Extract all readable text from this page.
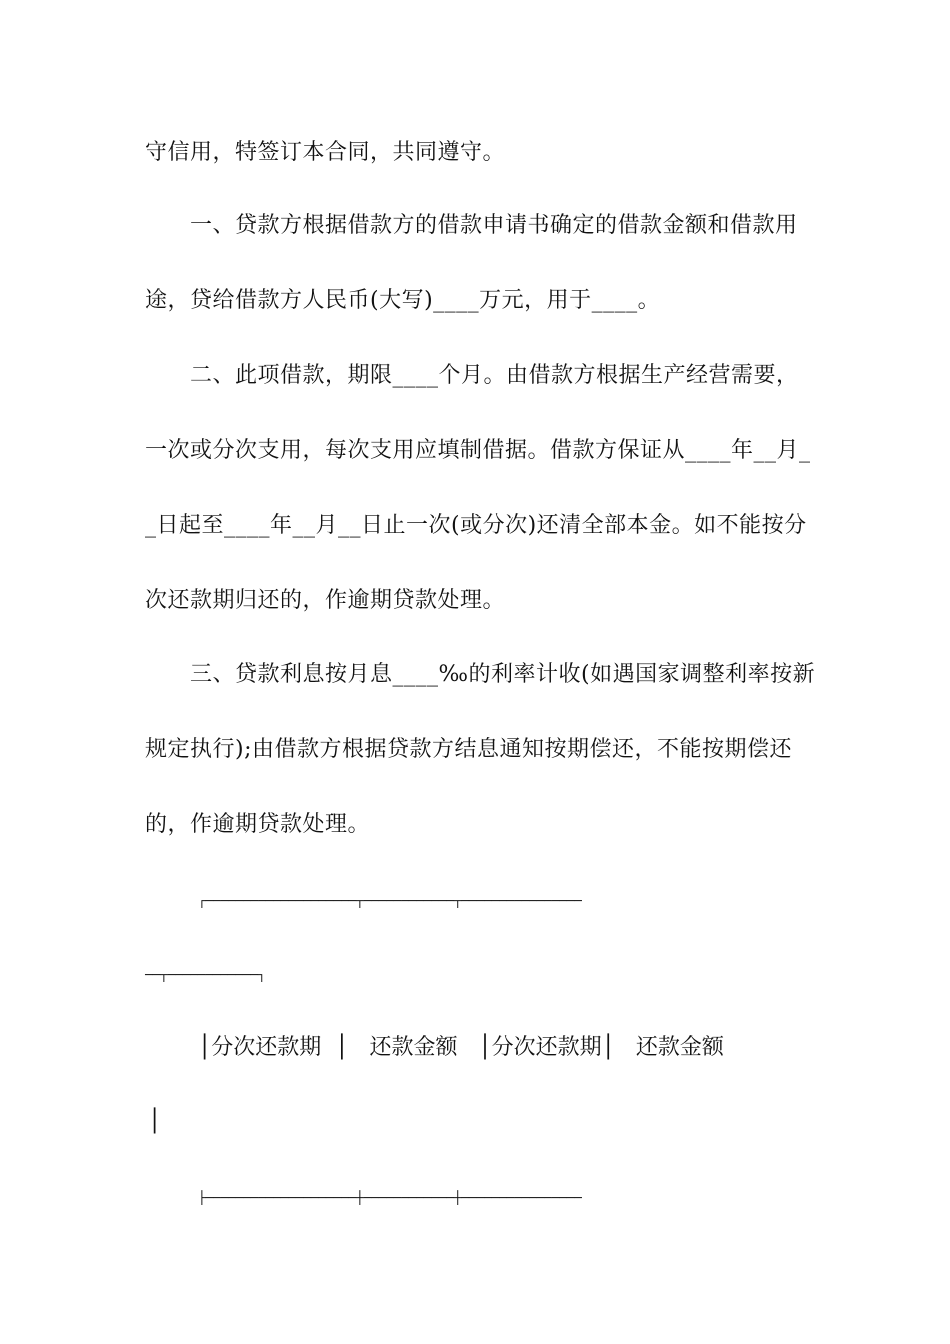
守信用，特签订本合同，共同遵守。
一、贷款方根据借款方的借款申请书确定的借款金额和借款用
途，贷给借款方人民币(大写)____万元，用于____。
二、此项借款，期限____个月。由借款方根据生产经营需要，
一次或分次支用，每次支用应填制借据。借款方保证从____年__月_
_日起至____年__月__日止一次(或分次)还清全部本金。如不能按分
次还款期归还的，作逾期贷款处理。
三、贷款利息按月息____‰的利率计收(如遇国家调整利率按新
规定执行);由借款方根据贷款方结息通知按期偿还，不能按期偿还
的，作逾期贷款处理。
┌────────────────────┬────────────┬────────────────
──┬────────────┐
│分次还款期  │   还款金额   │分次还款期│   还款金额
│
├────────────────────┼────────────┼────────────────
